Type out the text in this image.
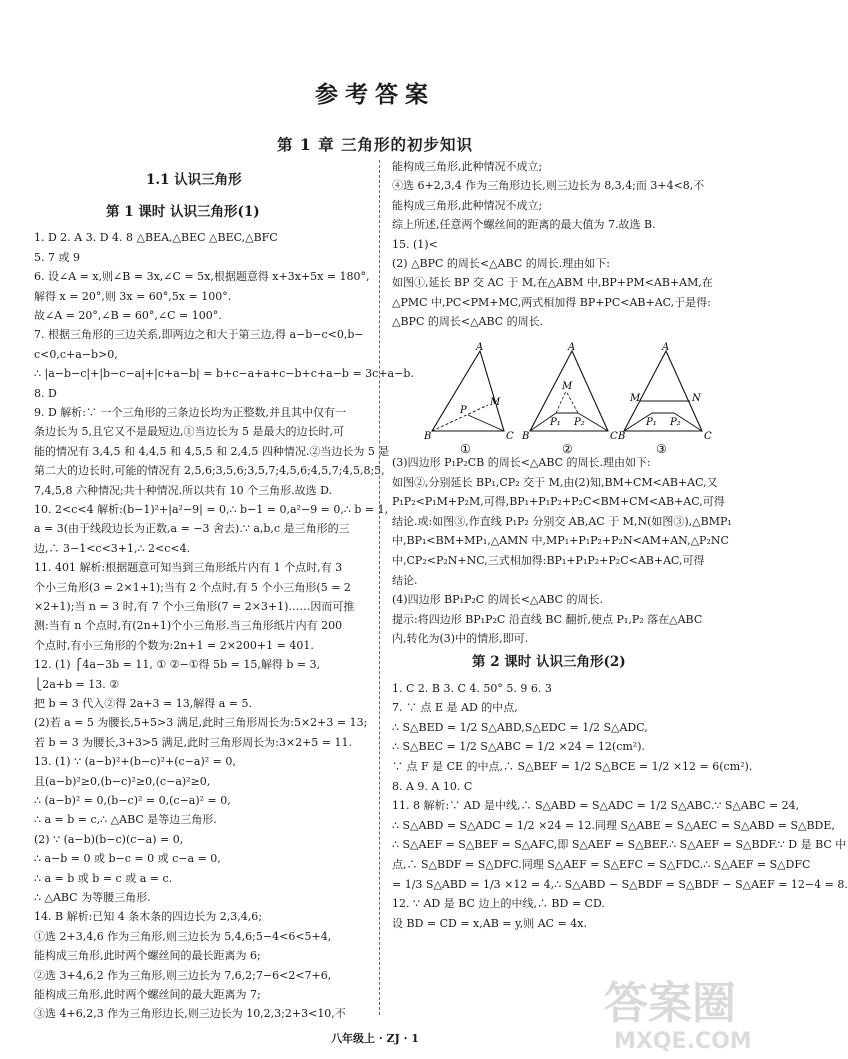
参考答案
第 1 章 三角形的初步知识
1.1 认识三角形
第 1 课时 认识三角形(1)
1. D 2. A 3. D 4. 8 △BEA,△BEC △BEC,△BFC
5. 7 或 9
6. 设∠A = x,则∠B = 3x,∠C = 5x,根据题意得 x+3x+5x = 180°,
解得 x = 20°,则 3x = 60°,5x = 100°.
故∠A = 20°,∠B = 60°,∠C = 100°.
7. 根据三角形的三边关系,即两边之和大于第三边,得 a−b−c<0,b−
c<0,c+a−b>0,
∴ |a−b−c|+|b−c−a|+|c+a−b| = b+c−a+a+c−b+c+a−b = 3c+a−b.
8. D
9. D 解析:∵ 一个三角形的三条边长均为正整数,并且其中仅有一
条边长为 5,且它又不是最短边,①当边长为 5 是最大的边长时,可
能的情况有 3,4,5 和 4,4,5 和 4,5,5 和 2,4,5 四种情况.②当边长为 5 是
第二大的边长时,可能的情况有 2,5,6;3,5,6;3,5,7;4,5,6;4,5,7;4,5,8;5,
7,4,5,8 六种情况;共十种情况.所以共有 10 个三角形.故选 D.
10. 2<c<4 解析:(b−1)²+|a²−9| = 0,∴ b−1 = 0,a²−9 = 0,∴ b = 1,
a = 3(由于线段边长为正数,a = −3 舍去).∵ a,b,c 是三角形的三
边,∴ 3−1<c<3+1,∴ 2<c<4.
11. 401 解析:根据题意可知当到三角形纸片内有 1 个点时,有 3
个小三角形(3 = 2×1+1);当有 2 个点时,有 5 个小三角形(5 = 2
×2+1);当 n = 3 时,有 7 个小三角形(7 = 2×3+1)……因而可推
测:当有 n 个点时,有(2n+1)个小三角形.当三角形纸片内有 200
个点时,有小三角形的个数为:2n+1 = 2×200+1 = 401.
12. (1) ⎧4a−3b = 11, ① ②−①得 5b = 15,解得 b = 3,
⎩2a+b = 13. ②
把 b = 3 代入②得 2a+3 = 13,解得 a = 5.
(2)若 a = 5 为腰长,5+5>3 满足,此时三角形周长为:5×2+3 = 13;
若 b = 3 为腰长,3+3>5 满足,此时三角形周长为:3×2+5 = 11.
13. (1) ∵ (a−b)²+(b−c)²+(c−a)² = 0,
且(a−b)²≥0,(b−c)²≥0,(c−a)²≥0,
∴ (a−b)² = 0,(b−c)² = 0,(c−a)² = 0,
∴ a = b = c,∴ △ABC 是等边三角形.
(2) ∵ (a−b)(b−c)(c−a) = 0,
∴ a−b = 0 或 b−c = 0 或 c−a = 0,
∴ a = b 或 b = c 或 a = c.
∴ △ABC 为等腰三角形.
14. B 解析:已知 4 条木条的四边长为 2,3,4,6;
①选 2+3,4,6 作为三角形,则三边长为 5,4,6;5−4<6<5+4,
能构成三角形,此时两个螺丝间的最长距离为 6;
②选 3+4,6,2 作为三角形,则三边长为 7,6,2;7−6<2<7+6,
能构成三角形,此时两个螺丝间的最大距离为 7;
③选 4+6,2,3 作为三角形边长,则三边长为 10,2,3;2+3<10,不
能构成三角形,此种情况不成立;
④选 6+2,3,4 作为三角形边长,则三边长为 8,3,4;而 3+4<8,不
能构成三角形,此种情况不成立;
综上所述,任意两个螺丝间的距离的最大值为 7.故选 B.
15. (1)<
(2) △BPC 的周长<△ABC 的周长.理由如下:
如图①,延长 BP 交 AC 于 M,在△ABM 中,BP+PM<AB+AM,在
△PMC 中,PC<PM+MC,两式相加得 BP+PC<AB+AC,于是得:
△BPC 的周长<△ABC 的周长.
A
B	C
P
M
①
A
B	C
M
P₁ P₂
②
A
B	C
M	N
P₁ P₂
③
(3)四边形 P₁P₂CB 的周长<△ABC 的周长.理由如下:
如图②,分别延长 BP₁,CP₂ 交于 M,由(2)知,BM+CM<AB+AC,又
P₁P₂<P₁M+P₂M,可得,BP₁+P₁P₂+P₂C<BM+CM<AB+AC,可得
结论.或:如图③,作直线 P₁P₂ 分别交 AB,AC 于 M,N(如图③),△BMP₁
中,BP₁<BM+MP₁,△AMN 中,MP₁+P₁P₂+P₂N<AM+AN,△P₂NC
中,CP₂<P₂N+NC,三式相加得:BP₁+P₁P₂+P₂C<AB+AC,可得
结论.
(4)四边形 BP₁P₂C 的周长<△ABC 的周长.
提示:将四边形 BP₁P₂C 沿直线 BC 翻折,使点 P₁,P₂ 落在△ABC
内,转化为(3)中的情形,即可.
第 2 课时 认识三角形(2)
1. C 2. B 3. C 4. 50° 5. 9 6. 3
7. ∵ 点 E 是 AD 的中点,
∴ S△BED = 1/2 S△ABD,S△EDC = 1/2 S△ADC,
∴ S△BEC = 1/2 S△ABC = 1/2 ×24 = 12(cm²).
∵ 点 F 是 CE 的中点,∴ S△BEF = 1/2 S△BCE = 1/2 ×12 = 6(cm²).
8. A 9. A 10. C
11. 8 解析:∵ AD 是中线,∴ S△ABD = S△ADC = 1/2 S△ABC.∵ S△ABC = 24,
∴ S△ABD = S△ADC = 1/2 ×24 = 12.同理 S△ABE = S△AEC = S△ABD = S△BDE,
∴ S△AEF = S△BEF = S△AFC,即 S△AEF = S△BEF.∴ S△AEF = S△BDF.∵ D 是 BC 中
点,∴ S△BDF = S△DFC.同理 S△AEF = S△EFC = S△FDC.∴ S△AEF = S△DFC
= 1/3 S△ABD = 1/3 ×12 = 4,∴ S△ABD − S△BDF = S△BDF − S△AEF = 12−4 = 8.
12. ∵ AD 是 BC 边上的中线,∴ BD = CD.
设 BD = CD = x,AB = y,则 AC = 4x.
答案圈
MXQE.COM
八年级上 · ZJ · 1
